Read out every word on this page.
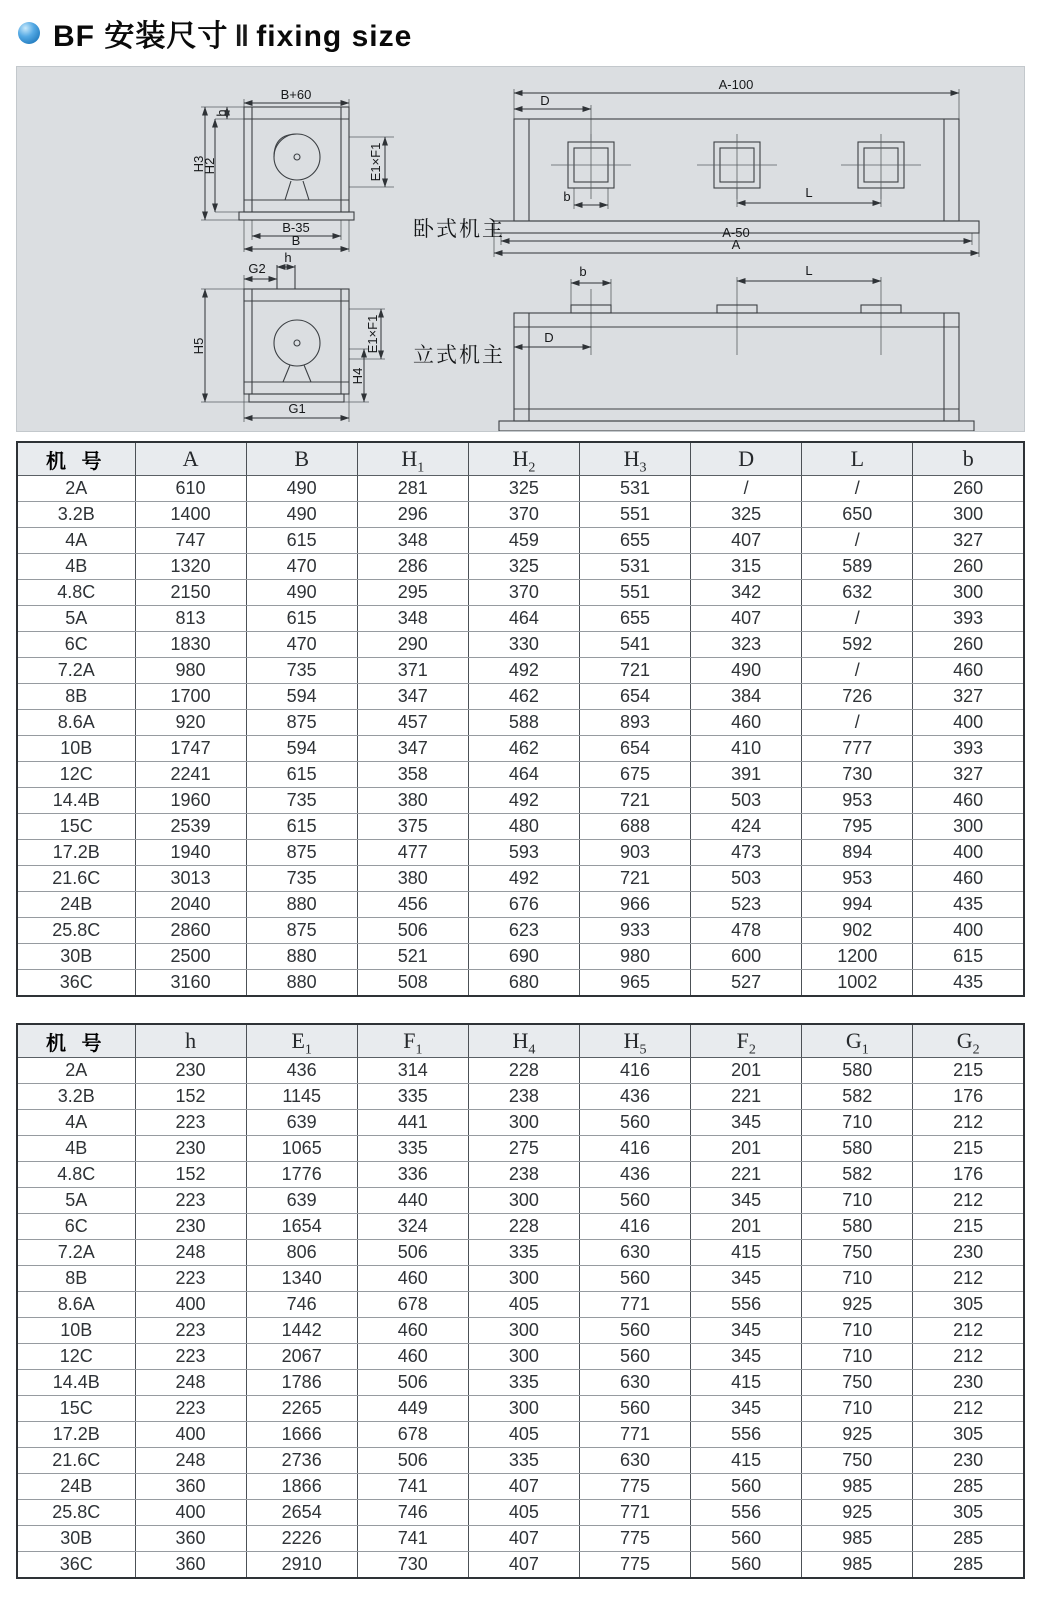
BF 安装尺寸 ‖ fixing size
B+60
H3
h
H2	E1×F1
B-35
B
A-100
D
b	L
A-50
A
卧式机主
G2
h
H5	E1×F1
H4
G1
b	L
D
立式机主
机 号	A	B	$H_1$	$H_2$	$H_3$	D	L	b
2A	610	490	281	325	531	/	/	260
3.2B	1400	490	296	370	551	325	650	300
4A	747	615	348	459	655	407	/	327
4B	1320	470	286	325	531	315	589	260
4.8C	2150	490	295	370	551	342	632	300
5A	813	615	348	464	655	407	/	393
6C	1830	470	290	330	541	323	592	260
7.2A	980	735	371	492	721	490	/	460
8B	1700	594	347	462	654	384	726	327
8.6A	920	875	457	588	893	460	/	400
10B	1747	594	347	462	654	410	777	393
12C	2241	615	358	464	675	391	730	327
14.4B	1960	735	380	492	721	503	953	460
15C	2539	615	375	480	688	424	795	300
17.2B	1940	875	477	593	903	473	894	400
21.6C	3013	735	380	492	721	503	953	460
24B	2040	880	456	676	966	523	994	435
25.8C	2860	875	506	623	933	478	902	400
30B	2500	880	521	690	980	600	1200	615
36C	3160	880	508	680	965	527	1002	435
机 号	h	$E_1$	$F_1$	$H_4$	$H_5$	$F_2$	$G_1$	$G_2$
2A	230	436	314	228	416	201	580	215
3.2B	152	1145	335	238	436	221	582	176
4A	223	639	441	300	560	345	710	212
4B	230	1065	335	275	416	201	580	215
4.8C	152	1776	336	238	436	221	582	176
5A	223	639	440	300	560	345	710	212
6C	230	1654	324	228	416	201	580	215
7.2A	248	806	506	335	630	415	750	230
8B	223	1340	460	300	560	345	710	212
8.6A	400	746	678	405	771	556	925	305
10B	223	1442	460	300	560	345	710	212
12C	223	2067	460	300	560	345	710	212
14.4B	248	1786	506	335	630	415	750	230
15C	223	2265	449	300	560	345	710	212
17.2B	400	1666	678	405	771	556	925	305
21.6C	248	2736	506	335	630	415	750	230
24B	360	1866	741	407	775	560	985	285
25.8C	400	2654	746	405	771	556	925	305
30B	360	2226	741	407	775	560	985	285
36C	360	2910	730	407	775	560	985	285
